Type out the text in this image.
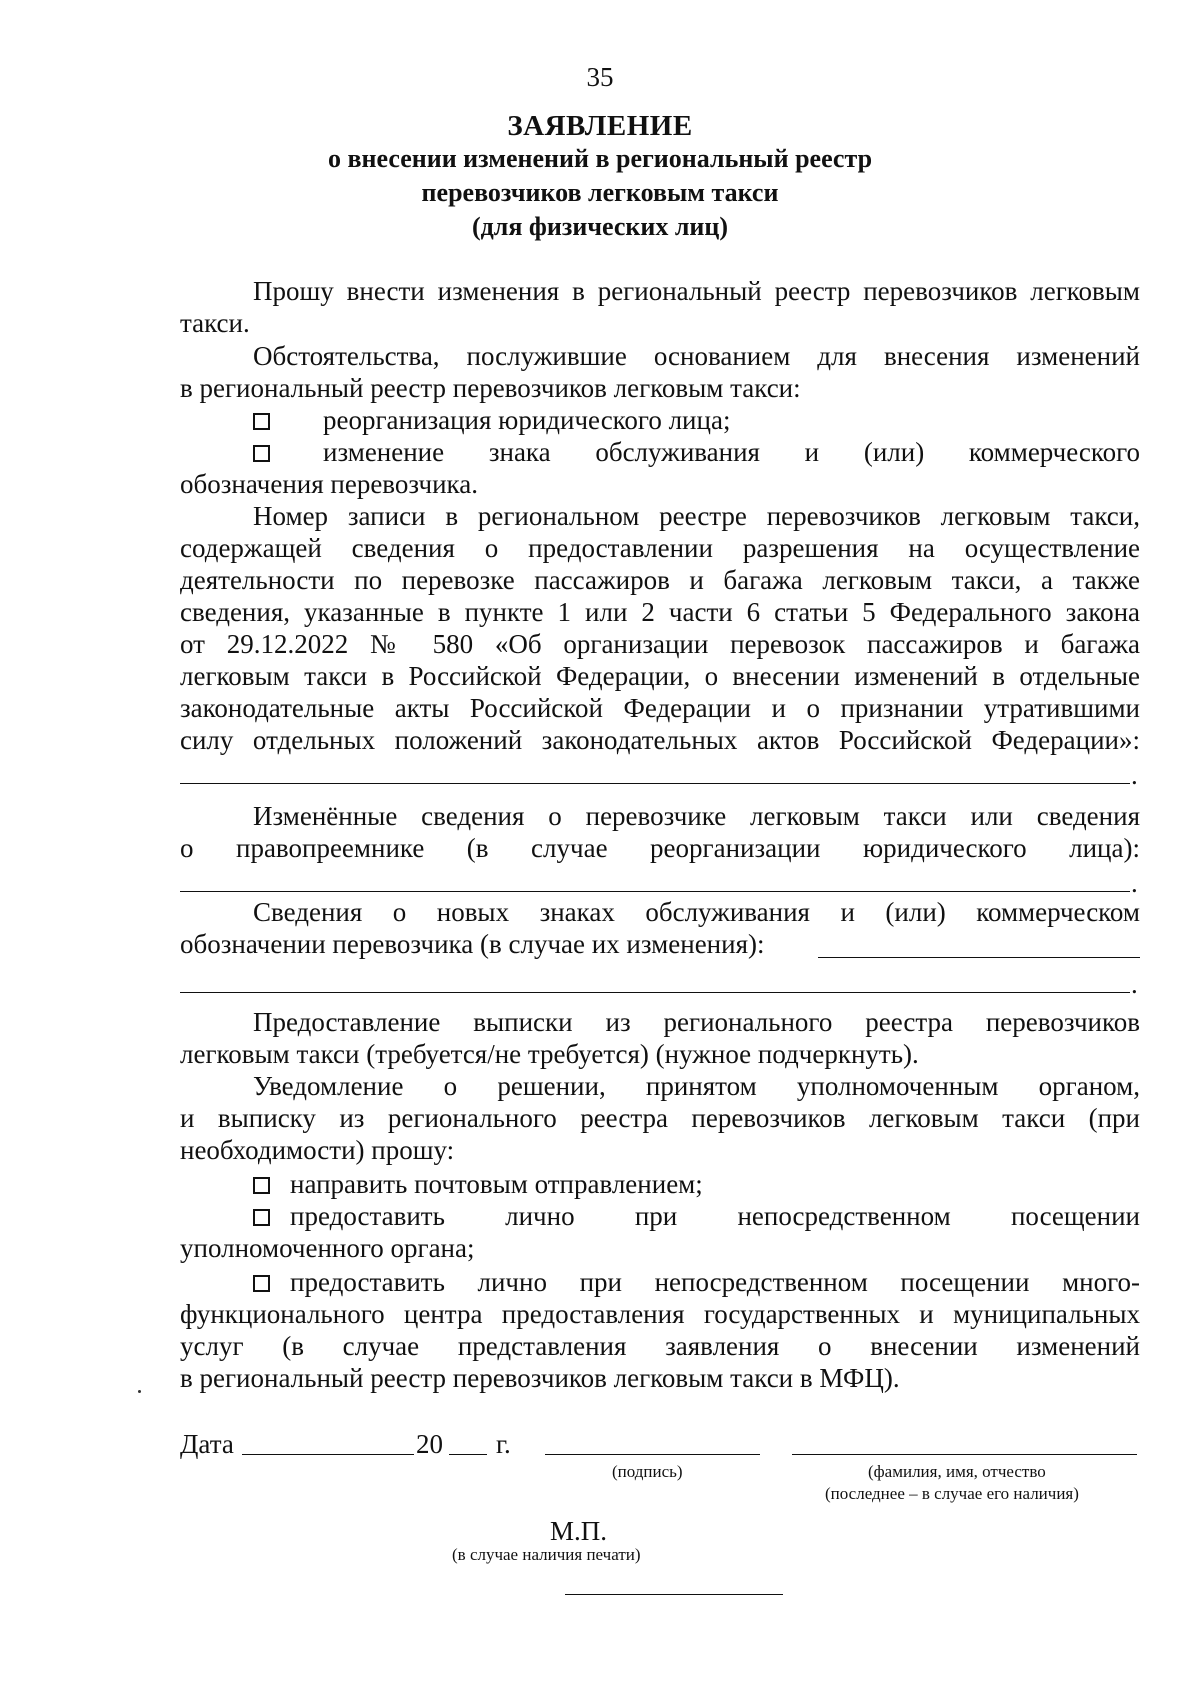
35
ЗАЯВЛЕНИЕ
о внесении изменений в региональный реестр
перевозчиков легковым такси
(для физических лиц)
Прошу внести изменения в региональный реестр перевозчиков легковым
такси.
Обстоятельства, послужившие основанием для внесения изменений
в региональный реестр перевозчиков легковым такси:
реорганизация юридического лица;
изменение знака обслуживания и (или) коммерческого
обозначения перевозчика.
Номер записи в региональном реестре перевозчиков легковым такси,
содержащей сведения о предоставлении разрешения на осуществление
деятельности по перевозке пассажиров и багажа легковым такси, а также
сведения, указанные в пункте 1 или 2 части 6 статьи 5 Федерального закона
от 29.12.2022 № 580 «Об организации перевозок пассажиров и багажа
легковым такси в Российской Федерации, о внесении изменений в отдельные
законодательные акты Российской Федерации и о признании утратившими
силу отдельных положений законодательных актов Российской Федерации»:
.
Изменённые сведения о перевозчике легковым такси или сведения
о правопреемнике (в случае реорганизации юридического лица):
.
Сведения о новых знаках обслуживания и (или) коммерческом
обозначении перевозчика (в случае их изменения):
.
Предоставление выписки из регионального реестра перевозчиков
легковым такси (требуется/не требуется) (нужное подчеркнуть).
Уведомление о решении, принятом уполномоченным органом,
и выписку из регионального реестра перевозчиков легковым такси (при
необходимости) прошу:
направить почтовым отправлением;
предоставить лично при непосредственном посещении
уполномоченного органа;
предоставить лично при непосредственном посещении много-
функционального центра предоставления государственных и муниципальных
услуг (в случае представления заявления о внесении изменений
в региональный реестр перевозчиков легковым такси в МФЦ).
Дата	20	г.
(подпись)	(фамилия, имя, отчество
(последнее – в случае его наличия)
М.П.
(в случае наличия печати)
